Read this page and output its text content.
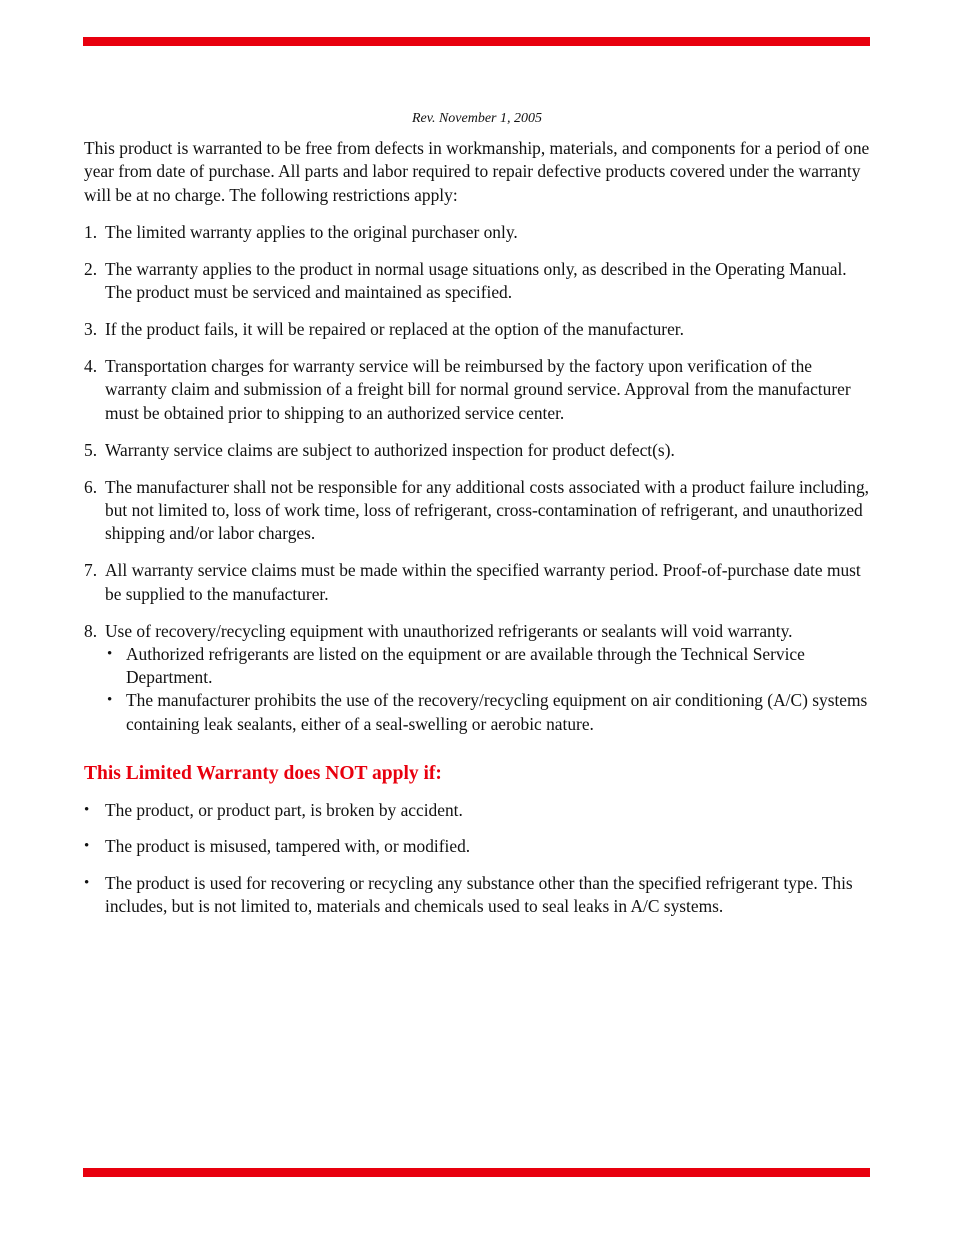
Rev. November 1, 2005

This product is warranted to be free from defects in workmanship, materials, and components for a period of one year from date of purchase. All parts and labor required to repair defective products covered under the warranty will be at no charge. The following restrictions apply:

1. The limited warranty applies to the original purchaser only.
2. The warranty applies to the product in normal usage situations only, as described in the Operating Manual. The product must be serviced and maintained as specified.
3. If the product fails, it will be repaired or replaced at the option of the manufacturer.
4. Transportation charges for warranty service will be reimbursed by the factory upon verification of the warranty claim and submission of a freight bill for normal ground service. Approval from the manufacturer must be obtained prior to shipping to an authorized service center.
5. Warranty service claims are subject to authorized inspection for product defect(s).
6. The manufacturer shall not be responsible for any additional costs associated with a product failure including, but not limited to, loss of work time, loss of refrigerant, cross-contamination of refrigerant, and unauthorized shipping and/or labor charges.
7. All warranty service claims must be made within the specified warranty period. Proof-of-purchase date must be supplied to the manufacturer.
8. Use of recovery/recycling equipment with unauthorized refrigerants or sealants will void warranty.
• Authorized refrigerants are listed on the equipment or are available through the Technical Service Department.
• The manufacturer prohibits the use of the recovery/recycling equipment on air conditioning (A/C) systems containing leak sealants, either of a seal-swelling or aerobic nature.
This Limited Warranty does NOT apply if:
• The product, or product part, is broken by accident.
• The product is misused, tampered with, or modified.
• The product is used for recovering or recycling any substance other than the specified refrigerant type. This includes, but is not limited to, materials and chemicals used to seal leaks in A/C systems.
